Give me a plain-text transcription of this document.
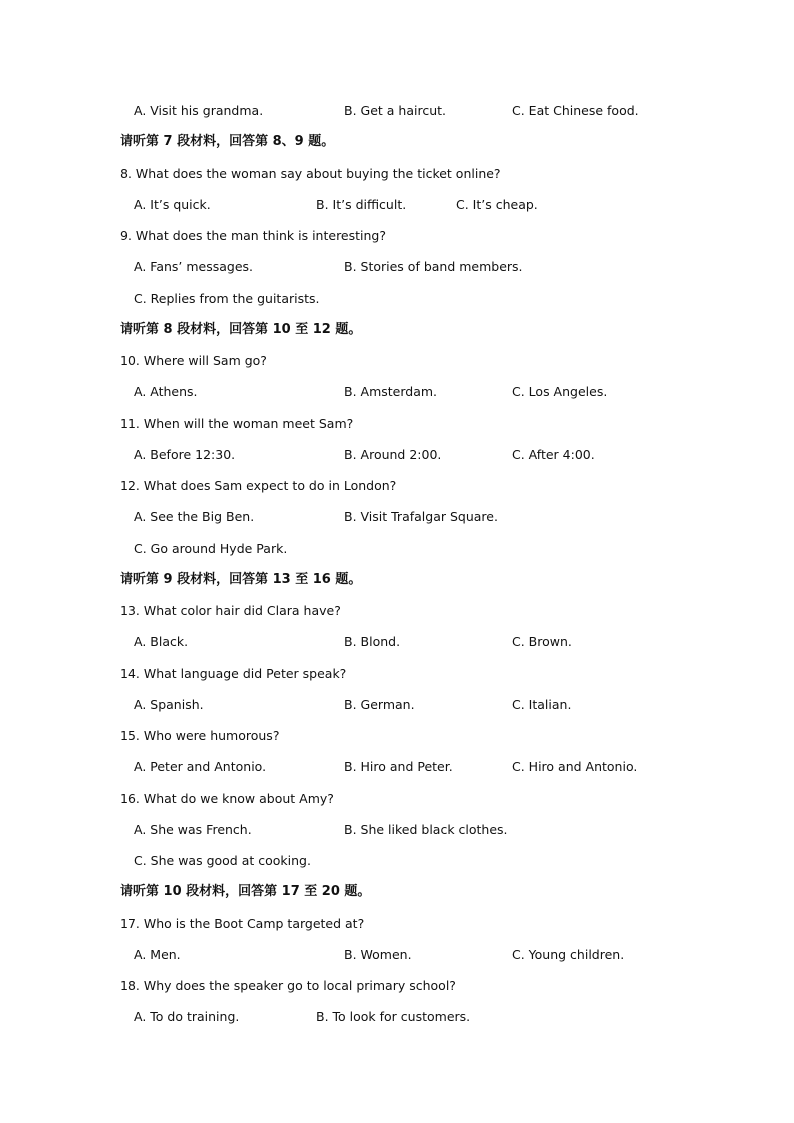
A. Visit his grandma.	B. Get a haircut.	C. Eat Chinese food.
请听第 7 段材料，回答第 8、9 题。
8. What does the woman say about buying the ticket online?
A. It’s quick.	B. It’s difficult.	C. It’s cheap.
9. What does the man think is interesting?
A. Fans’ messages.	B. Stories of band members.
C. Replies from the guitarists.
请听第 8 段材料，回答第 10 至 12 题。
10. Where will Sam go?
A. Athens.	B. Amsterdam.	C. Los Angeles.
11. When will the woman meet Sam?
A. Before 12:30.	B. Around 2:00.	C. After 4:00.
12. What does Sam expect to do in London?
A. See the Big Ben.	B. Visit Trafalgar Square.
C. Go around Hyde Park.
请听第 9 段材料，回答第 13 至 16 题。
13. What color hair did Clara have?
A. Black.	B. Blond.	C. Brown.
14. What language did Peter speak?
A. Spanish.	B. German.	C. Italian.
15. Who were humorous?
A. Peter and Antonio.	B. Hiro and Peter.	C. Hiro and Antonio.
16. What do we know about Amy?
A. She was French.	B. She liked black clothes.
C. She was good at cooking.
请听第 10 段材料，回答第 17 至 20 题。
17. Who is the Boot Camp targeted at?
A. Men.	B. Women.	C. Young children.
18. Why does the speaker go to local primary school?
A. To do training.	B. To look for customers.
